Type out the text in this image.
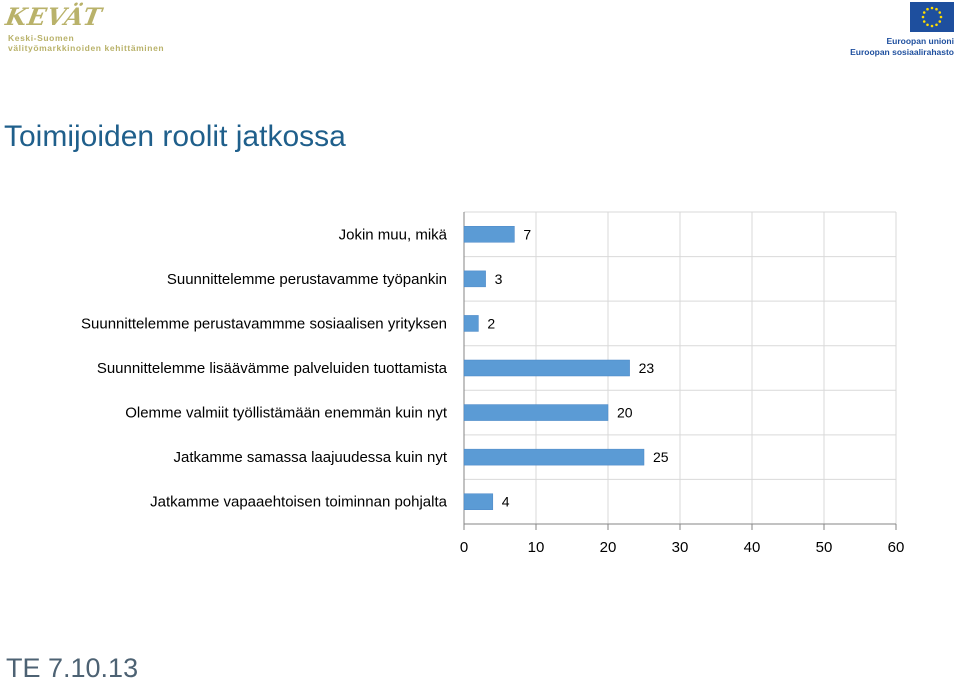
KEVÄT
Keski-Suomen
välityömarkkinoiden kehittäminen
Euroopan unioni
Euroopan sosiaalirahasto
Toimijoiden roolit jatkossa
0	10	20	30	40	50	60
Jokin muu, mikä	7
Suunnittelemme perustavamme työpankin	3
Suunnittelemme perustavammme sosiaalisen yrityksen	2
Suunnittelemme lisäävämme palveluiden tuottamista	23
Olemme valmiit työllistämään enemmän kuin nyt	20
Jatkamme samassa laajuudessa kuin nyt	25
Jatkamme vapaaehtoisen toiminnan pohjalta	4
TE 7.10.13
